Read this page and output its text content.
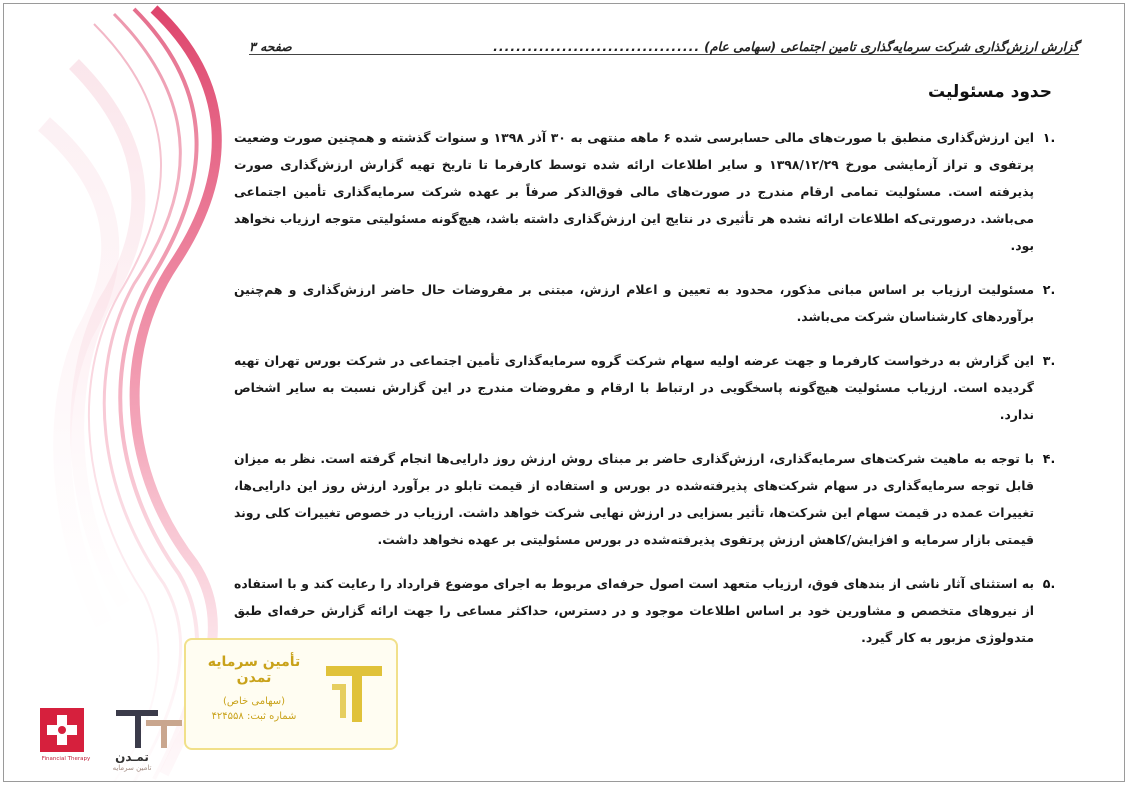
گزارش ارزش‌گذاری شرکت سرمایه‌گذاری تامین اجتماعی (سهامی عام)
....................................
صفحه ۳
حدود مسئولیت
.۱
این ارزش‌گذاری منطبق با صورت‌های مالی حسابرسی شده ۶ ماهه منتهی به ۳۰ آذر ۱۳۹۸ و سنوات گذشته و همچنین صورت وضعیت پرتفوی و تراز آزمایشی مورخ ۱۳۹۸/۱۲/۲۹ و سایر اطلاعات ارائه شده توسط کارفرما تا تاریخ تهیه گزارش ارزش‌گذاری صورت پذیرفته است. مسئولیت تمامی ارقام مندرج در صورت‌های مالی فوق‌الذکر صرفاً بر عهده شرکت سرمایه‌گذاری تأمین اجتماعی می‌باشد. درصورتی‌که اطلاعات ارائه نشده هر تأثیری در نتایج این ارزش‌گذاری داشته باشد، هیچ‌گونه مسئولیتی متوجه ارزیاب نخواهد بود.
.۲
مسئولیت ارزیاب بر اساس مبانی مذکور، محدود به تعیین و اعلام ارزش، مبتنی بر مفروضات حال حاضر ارزش‌گذاری و هم‌چنین برآوردهای کارشناسان شرکت می‌باشد.
.۳
این گزارش به درخواست کارفرما و جهت عرضه اولیه سهام شرکت گروه سرمایه‌گذاری تأمین اجتماعی در شرکت بورس تهران تهیه گردیده است. ارزیاب مسئولیت هیچ‌گونه پاسخگویی در ارتباط با ارقام و مفروضات مندرج در این گزارش نسبت به سایر اشخاص ندارد.
.۴
با توجه به ماهیت شرکت‌های سرمایه‌گذاری، ارزش‌گذاری حاضر بر مبنای روش ارزش روز دارایی‌ها انجام گرفته است. نظر به میزان قابل توجه سرمایه‌گذاری در سهام شرکت‌های پذیرفته‌شده در بورس و استفاده از قیمت تابلو در برآورد ارزش روز این دارایی‌ها، تغییرات عمده در قیمت سهام این شرکت‌ها، تأثیر بسزایی در ارزش نهایی شرکت خواهد داشت. ارزیاب در خصوص تغییرات کلی روند قیمتی بازار سرمایه و افزایش/کاهش ارزش پرتفوی پذیرفته‌شده در بورس مسئولیتی بر عهده نخواهد داشت.
.۵
به استثنای آثار ناشی از بندهای فوق، ارزیاب متعهد است اصول حرفه‌ای مربوط به اجرای موضوع قرارداد را رعایت کند و با استفاده از نیروهای متخصص و مشاورین خود بر اساس اطلاعات موجود و در دسترس، حداکثر مساعی را جهت ارائه گزارش حرفه‌ای طبق متدولوژی مزبور به کار گیرد.
تأمین سرمایه تمدن
(سهامی خاص)
شماره ثبت: ۴۲۴۵۵۸
Financial Therapy	تمـدن
تامین سرمایه
